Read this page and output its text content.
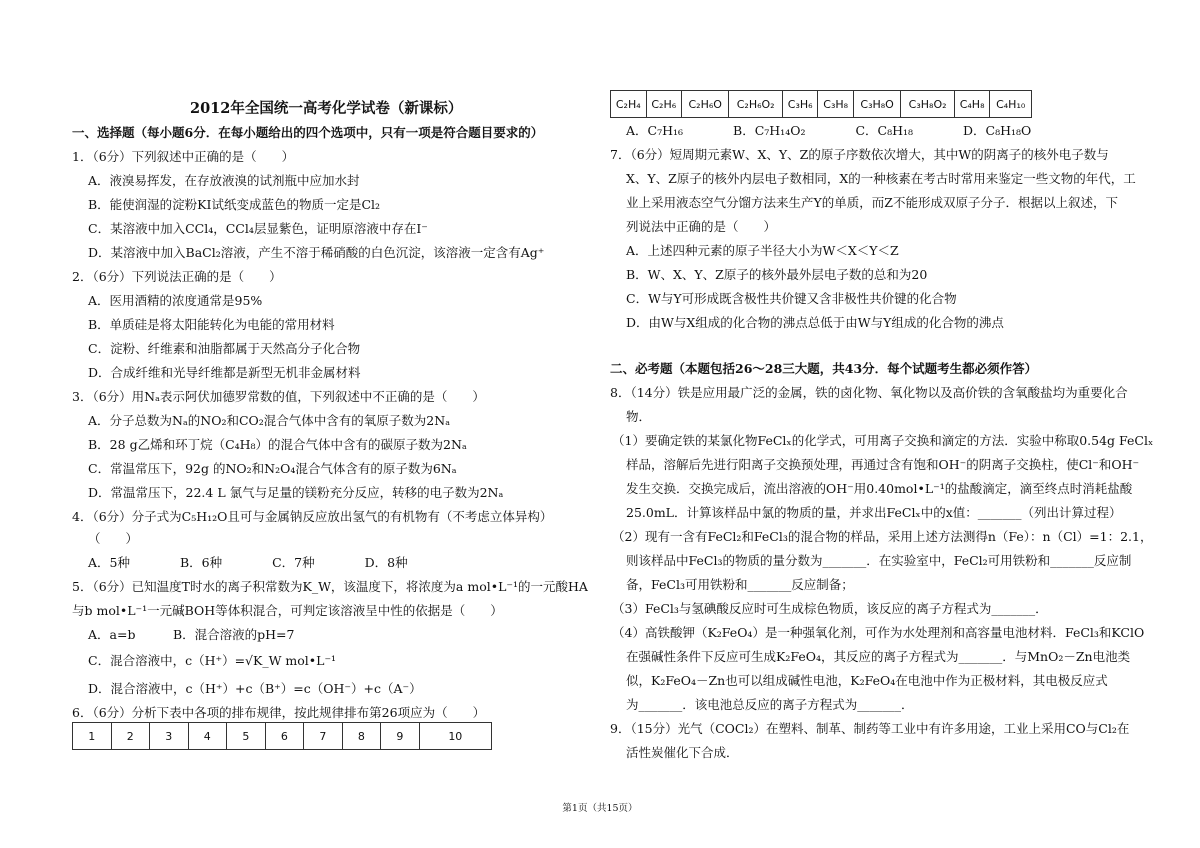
2012年全国统一高考化学试卷（新课标）
一、选择题（每小题6分．在每小题给出的四个选项中，只有一项是符合题目要求的）
1．（6分）下列叙述中正确的是（　　）
A．液溴易挥发，在存放液溴的试剂瓶中应加水封
B．能使润湿的淀粉KI试纸变成蓝色的物质一定是Cl₂
C．某溶液中加入CCl₄，CCl₄层显紫色，证明原溶液中存在I⁻
D．某溶液中加入BaCl₂溶液，产生不溶于稀硝酸的白色沉淀，该溶液一定含有Ag⁺
2．（6分）下列说法正确的是（　　）
A．医用酒精的浓度通常是95%
B．单质硅是将太阳能转化为电能的常用材料
C．淀粉、纤维素和油脂都属于天然高分子化合物
D．合成纤维和光导纤维都是新型无机非金属材料
3．（6分）用Nₐ表示阿伏加德罗常数的值，下列叙述中不正确的是（　　）
A．分子总数为Nₐ的NO₂和CO₂混合气体中含有的氧原子数为2Nₐ
B．28 g乙烯和环丁烷（C₄H₈）的混合气体中含有的碳原子数为2Nₐ
C．常温常压下，92g 的NO₂和N₂O₄混合气体含有的原子数为6Nₐ
D．常温常压下，22.4 L 氯气与足量的镁粉充分反应，转移的电子数为2Nₐ
4．（6分）分子式为C₅H₁₂O且可与金属钠反应放出氢气的有机物有（不考虑立体异构）
（　　）
A．5种　　　　B．6种　　　　C．7种　　　　D．8种
5．（6分）已知温度T时水的离子积常数为K_W，该温度下，将浓度为a mol•L⁻¹的一元酸HA
与b mol•L⁻¹一元碱BOH等体积混合，可判定该溶液呈中性的依据是（　　）
A．a=b　　　B．混合溶液的pH=7
C．混合溶液中，c（H⁺）=√K_W mol•L⁻¹
D．混合溶液中，c（H⁺）+c（B⁺）=c（OH⁻）+c（A⁻）
6．（6分）分析下表中各项的排布规律，按此规律排布第26项应为（　　）
1	2	3	4	5	6	7	8	9	10
C₂H₄	C₂H₆	C₂H₆O	C₂H₆O₂	C₃H₆	C₃H₈	C₃H₈O	C₃H₈O₂	C₄H₈	C₄H₁₀
A．C₇H₁₆　　　　B．C₇H₁₄O₂　　　　C．C₈H₁₈　　　　D．C₈H₁₈O
7．（6分）短周期元素W、X、Y、Z的原子序数依次增大，其中W的阴离子的核外电子数与
X、Y、Z原子的核外内层电子数相同，X的一种核素在考古时常用来鉴定一些文物的年代，工
业上采用液态空气分馏方法来生产Y的单质，而Z不能形成双原子分子．根据以上叙述，下
列说法中正确的是（　　）
A．上述四种元素的原子半径大小为W＜X＜Y＜Z
B．W、X、Y、Z原子的核外最外层电子数的总和为20
C．W与Y可形成既含极性共价键又含非极性共价键的化合物
D．由W与X组成的化合物的沸点总低于由W与Y组成的化合物的沸点
二、必考题（本题包括26～28三大题，共43分．每个试题考生都必须作答）
8．（14分）铁是应用最广泛的金属，铁的卤化物、氧化物以及高价铁的含氧酸盐均为重要化合
物．
（1）要确定铁的某氯化物FeClₓ的化学式，可用离子交换和滴定的方法．实验中称取0.54g FeClₓ
样品，溶解后先进行阳离子交换预处理，再通过含有饱和OH⁻的阴离子交换柱，使Cl⁻和OH⁻
发生交换．交换完成后，流出溶液的OH⁻用0.40mol•L⁻¹的盐酸滴定，滴至终点时消耗盐酸
25.0mL．计算该样品中氯的物质的量，并求出FeClₓ中的x值：_______（列出计算过程）
（2）现有一含有FeCl₂和FeCl₃的混合物的样品，采用上述方法测得n（Fe）：n（Cl）=1：2.1，
则该样品中FeCl₃的物质的量分数为_______．在实验室中，FeCl₂可用铁粉和_______反应制
备，FeCl₃可用铁粉和_______反应制备；
（3）FeCl₃与氢碘酸反应时可生成棕色物质，该反应的离子方程式为_______．
（4）高铁酸钾（K₂FeO₄）是一种强氧化剂，可作为水处理剂和高容量电池材料．FeCl₃和KClO
在强碱性条件下反应可生成K₂FeO₄，其反应的离子方程式为_______．与MnO₂－Zn电池类
似，K₂FeO₄－Zn也可以组成碱性电池，K₂FeO₄在电池中作为正极材料，其电极反应式
为_______．该电池总反应的离子方程式为_______．
9．（15分）光气（COCl₂）在塑料、制革、制药等工业中有许多用途，工业上采用CO与Cl₂在
活性炭催化下合成．
第1页（共15页）
